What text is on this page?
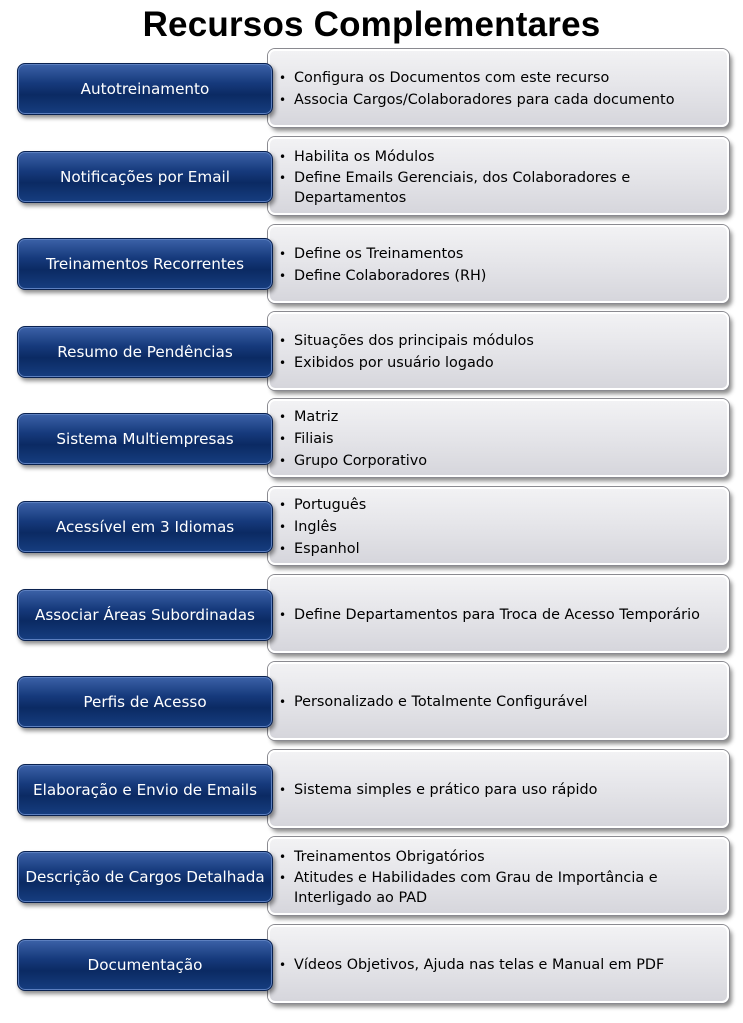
Recursos Complementares
• Configura os Documentos com este recurso
• Associa Cargos/Colaboradores para cada documento
Autotreinamento
• Habilita os Módulos
• Define Emails Gerenciais, dos Colaboradores e Departamentos
Notificações por Email
• Define os Treinamentos
• Define Colaboradores (RH)
Treinamentos Recorrentes
• Situações dos principais módulos
• Exibidos por usuário logado
Resumo de Pendências
• Matriz
• Filiais
• Grupo Corporativo
Sistema Multiempresas
• Português
• Inglês
• Espanhol
Acessível em 3 Idiomas
• Define Departamentos para Troca de Acesso Temporário
Associar Áreas Subordinadas
• Personalizado e Totalmente Configurável
Perfis de Acesso
• Sistema simples e prático para uso rápido
Elaboração e Envio de Emails
• Treinamentos Obrigatórios
• Atitudes e Habilidades com Grau de Importância e Interligado ao PAD
Descrição de Cargos Detalhada
• Vídeos Objetivos, Ajuda nas telas e Manual em PDF
Documentação
